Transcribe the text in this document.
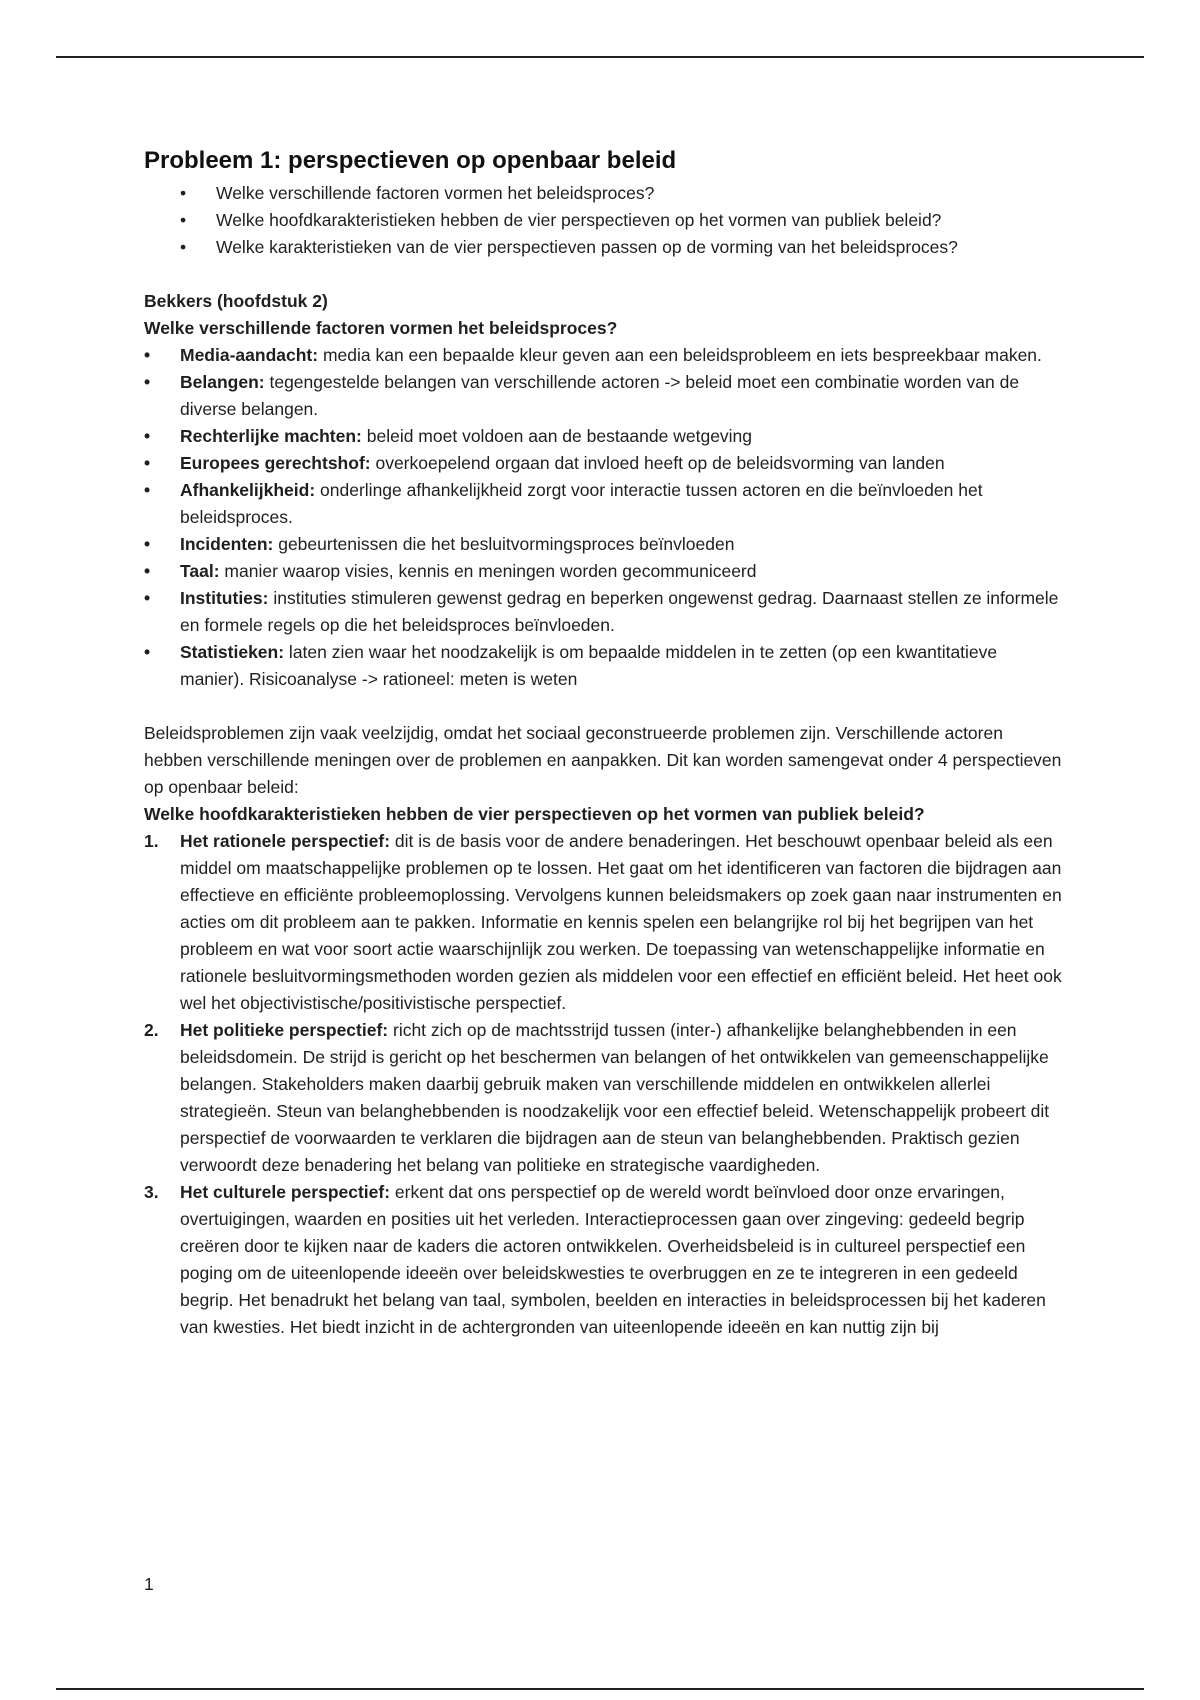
Probleem 1: perspectieven op openbaar beleid
• Welke verschillende factoren vormen het beleidsproces?
• Welke hoofdkarakteristieken hebben de vier perspectieven op het vormen van publiek beleid?
• Welke karakteristieken van de vier perspectieven passen op de vorming van het beleidsproces?

Bekkers (hoofdstuk 2)

Welke verschillende factoren vormen het beleidsproces?

• Media-aandacht: media kan een bepaalde kleur geven aan een beleidsprobleem en iets bespreekbaar maken.
• Belangen: tegengestelde belangen van verschillende actoren -> beleid moet een combinatie worden van de diverse belangen.
• Rechterlijke machten: beleid moet voldoen aan de bestaande wetgeving
• Europees gerechtshof: overkoepelend orgaan dat invloed heeft op de beleidsvorming van landen
• Afhankelijkheid: onderlinge afhankelijkheid zorgt voor interactie tussen actoren en die beïnvloeden het beleidsproces.
• Incidenten: gebeurtenissen die het besluitvormingsproces beïnvloeden
• Taal: manier waarop visies, kennis en meningen worden gecommuniceerd
• Instituties: instituties stimuleren gewenst gedrag en beperken ongewenst gedrag. Daarnaast stellen ze informele en formele regels op die het beleidsproces beïnvloeden.
• Statistieken: laten zien waar het noodzakelijk is om bepaalde middelen in te zetten (op een kwantitatieve manier). Risicoanalyse -> rationeel: meten is weten

Beleidsproblemen zijn vaak veelzijdig, omdat het sociaal geconstrueerde problemen zijn. Verschillende actoren hebben verschillende meningen over de problemen en aanpakken. Dit kan worden samengevat onder 4 perspectieven op openbaar beleid:

Welke hoofdkarakteristieken hebben de vier perspectieven op het vormen van publiek beleid?

1. Het rationele perspectief: dit is de basis voor de andere benaderingen. Het beschouwt openbaar beleid als een middel om maatschappelijke problemen op te lossen. Het gaat om het identificeren van factoren die bijdragen aan effectieve en efficiënte probleemoplossing. Vervolgens kunnen beleidsmakers op zoek gaan naar instrumenten en acties om dit probleem aan te pakken. Informatie en kennis spelen een belangrijke rol bij het begrijpen van het probleem en wat voor soort actie waarschijnlijk zou werken. De toepassing van wetenschappelijke informatie en rationele besluitvormingsmethoden worden gezien als middelen voor een effectief en efficiënt beleid. Het heet ook wel het objectivistische/positivistische perspectief.
2. Het politieke perspectief: richt zich op de machtsstrijd tussen (inter-) afhankelijke belanghebbenden in een beleidsdomein. De strijd is gericht op het beschermen van belangen of het ontwikkelen van gemeenschappelijke belangen. Stakeholders maken daarbij gebruik maken van verschillende middelen en ontwikkelen allerlei strategieën. Steun van belanghebbenden is noodzakelijk voor een effectief beleid. Wetenschappelijk probeert dit perspectief de voorwaarden te verklaren die bijdragen aan de steun van belanghebbenden. Praktisch gezien verwoordt deze benadering het belang van politieke en strategische vaardigheden.
3. Het culturele perspectief: erkent dat ons perspectief op de wereld wordt beïnvloed door onze ervaringen, overtuigingen, waarden en posities uit het verleden. Interactieprocessen gaan over zingeving: gedeeld begrip creëren door te kijken naar de kaders die actoren ontwikkelen. Overheidsbeleid is in cultureel perspectief een poging om de uiteenlopende ideeën over beleidskwesties te overbruggen en ze te integreren in een gedeeld begrip. Het benadrukt het belang van taal, symbolen, beelden en interacties in beleidsprocessen bij het kaderen van kwesties. Het biedt inzicht in de achtergronden van uiteenlopende ideeën en kan nuttig zijn bij
1
